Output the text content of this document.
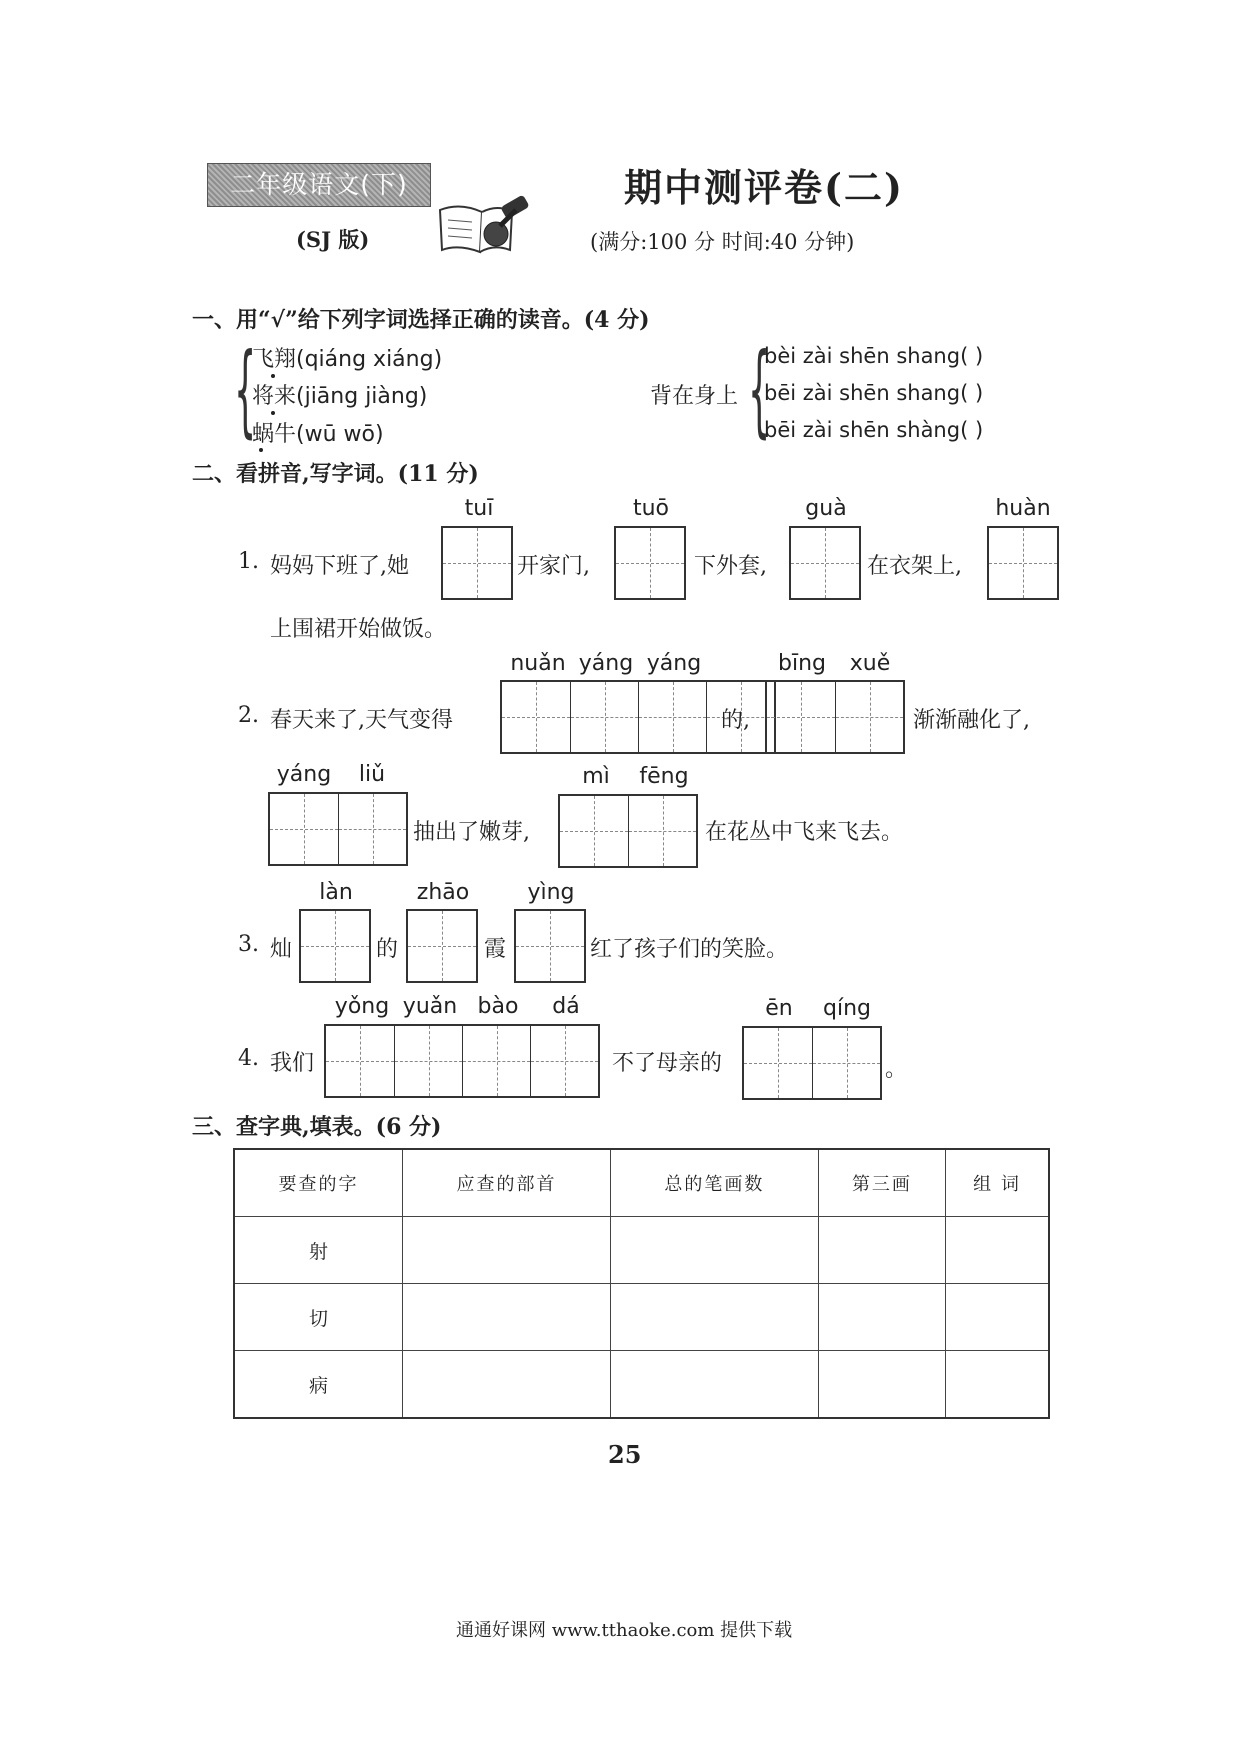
二年级语文(下)
(SJ 版)
期中测评卷(二)
(满分:100 分 时间:40 分钟)
一、用“√”给下列字词选择正确的读音。(4 分)
{
飞翔(qiáng xiáng)
将来(jiāng jiàng)
蜗牛(wū wō)
背在身上 {
bèi zài shēn shang( )
bēi zài shēn shang( )
bēi zài shēn shàng( )
二、看拼音,写字词。(11 分)
tuī	tuō	guà	huàn
1. 妈妈下班了,她	开家门,	下外套,	在衣架上,
上围裙开始做饭。
nuǎn yáng yáng	bīng	xuě
2. 春天来了,天气变得	的,	渐渐融化了,
yáng	liǔ	mì	fēng
抽出了嫩芽,	在花丛中飞来飞去。
làn	zhāo	yìng
3. 灿	的	霞	红了孩子们的笑脸。
yǒng yuǎn bào	dá	ēn	qíng
4. 我们	不了母亲的	。
三、查字典,填表。(6 分)
要查的字	应查的部首	总的笔画数	第三画	组 词
射				
切				
病				
25
通通好课网 www.tthaoke.com 提供下载
